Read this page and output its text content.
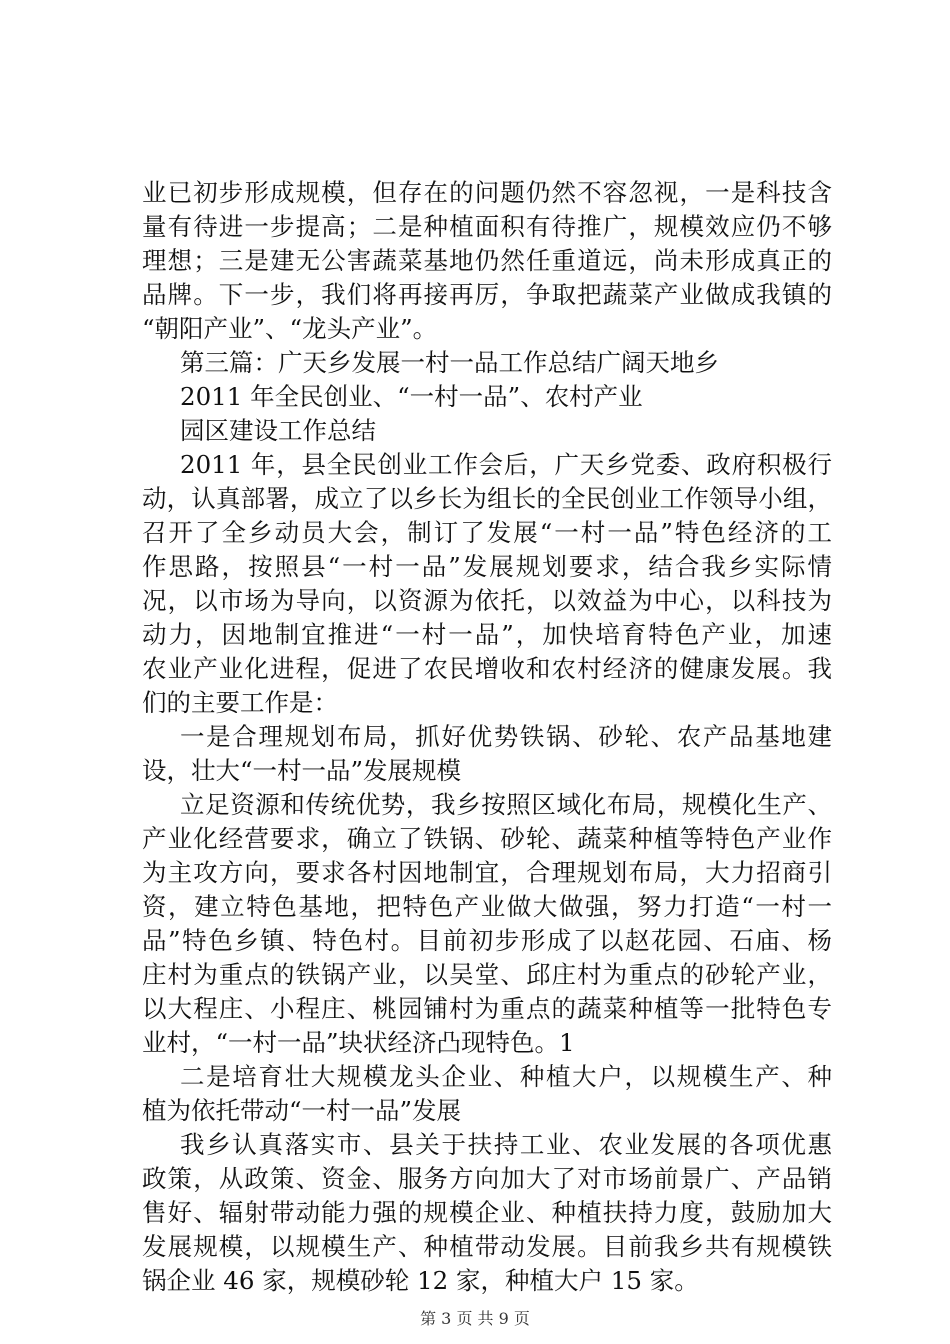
业已初步形成规模，但存在的问题仍然不容忽视，一是科技含
量有待进一步提高；二是种植面积有待推广，规模效应仍不够
理想；三是建无公害蔬菜基地仍然任重道远，尚未形成真正的
品牌。下一步，我们将再接再厉，争取把蔬菜产业做成我镇的
“朝阳产业”、“龙头产业”。
第三篇：广天乡发展一村一品工作总结广阔天地乡
2011 年全民创业、“一村一品”、农村产业
园区建设工作总结
2011 年，县全民创业工作会后，广天乡党委、政府积极行
动，认真部署，成立了以乡长为组长的全民创业工作领导小组，
召开了全乡动员大会，制订了发展“一村一品”特色经济的工
作思路，按照县“一村一品”发展规划要求，结合我乡实际情
况，以市场为导向，以资源为依托，以效益为中心，以科技为
动力，因地制宜推进“一村一品”，加快培育特色产业，加速
农业产业化进程，促进了农民增收和农村经济的健康发展。我
们的主要工作是：
一是合理规划布局，抓好优势铁锅、砂轮、农产品基地建
设，壮大“一村一品”发展规模
立足资源和传统优势，我乡按照区域化布局，规模化生产、
产业化经营要求，确立了铁锅、砂轮、蔬菜种植等特色产业作
为主攻方向，要求各村因地制宜，合理规划布局，大力招商引
资，建立特色基地，把特色产业做大做强，努力打造“一村一
品”特色乡镇、特色村。目前初步形成了以赵花园、石庙、杨
庄村为重点的铁锅产业，以吴堂、邱庄村为重点的砂轮产业，
以大程庄、小程庄、桃园铺村为重点的蔬菜种植等一批特色专
业村，“一村一品”块状经济凸现特色。1
二是培育壮大规模龙头企业、种植大户，以规模生产、种
植为依托带动“一村一品”发展
我乡认真落实市、县关于扶持工业、农业发展的各项优惠
政策，从政策、资金、服务方向加大了对市场前景广、产品销
售好、辐射带动能力强的规模企业、种植扶持力度，鼓励加大
发展规模，以规模生产、种植带动发展。目前我乡共有规模铁
锅企业 46 家，规模砂轮 12 家，种植大户 15 家。
第 3 页 共 9 页
